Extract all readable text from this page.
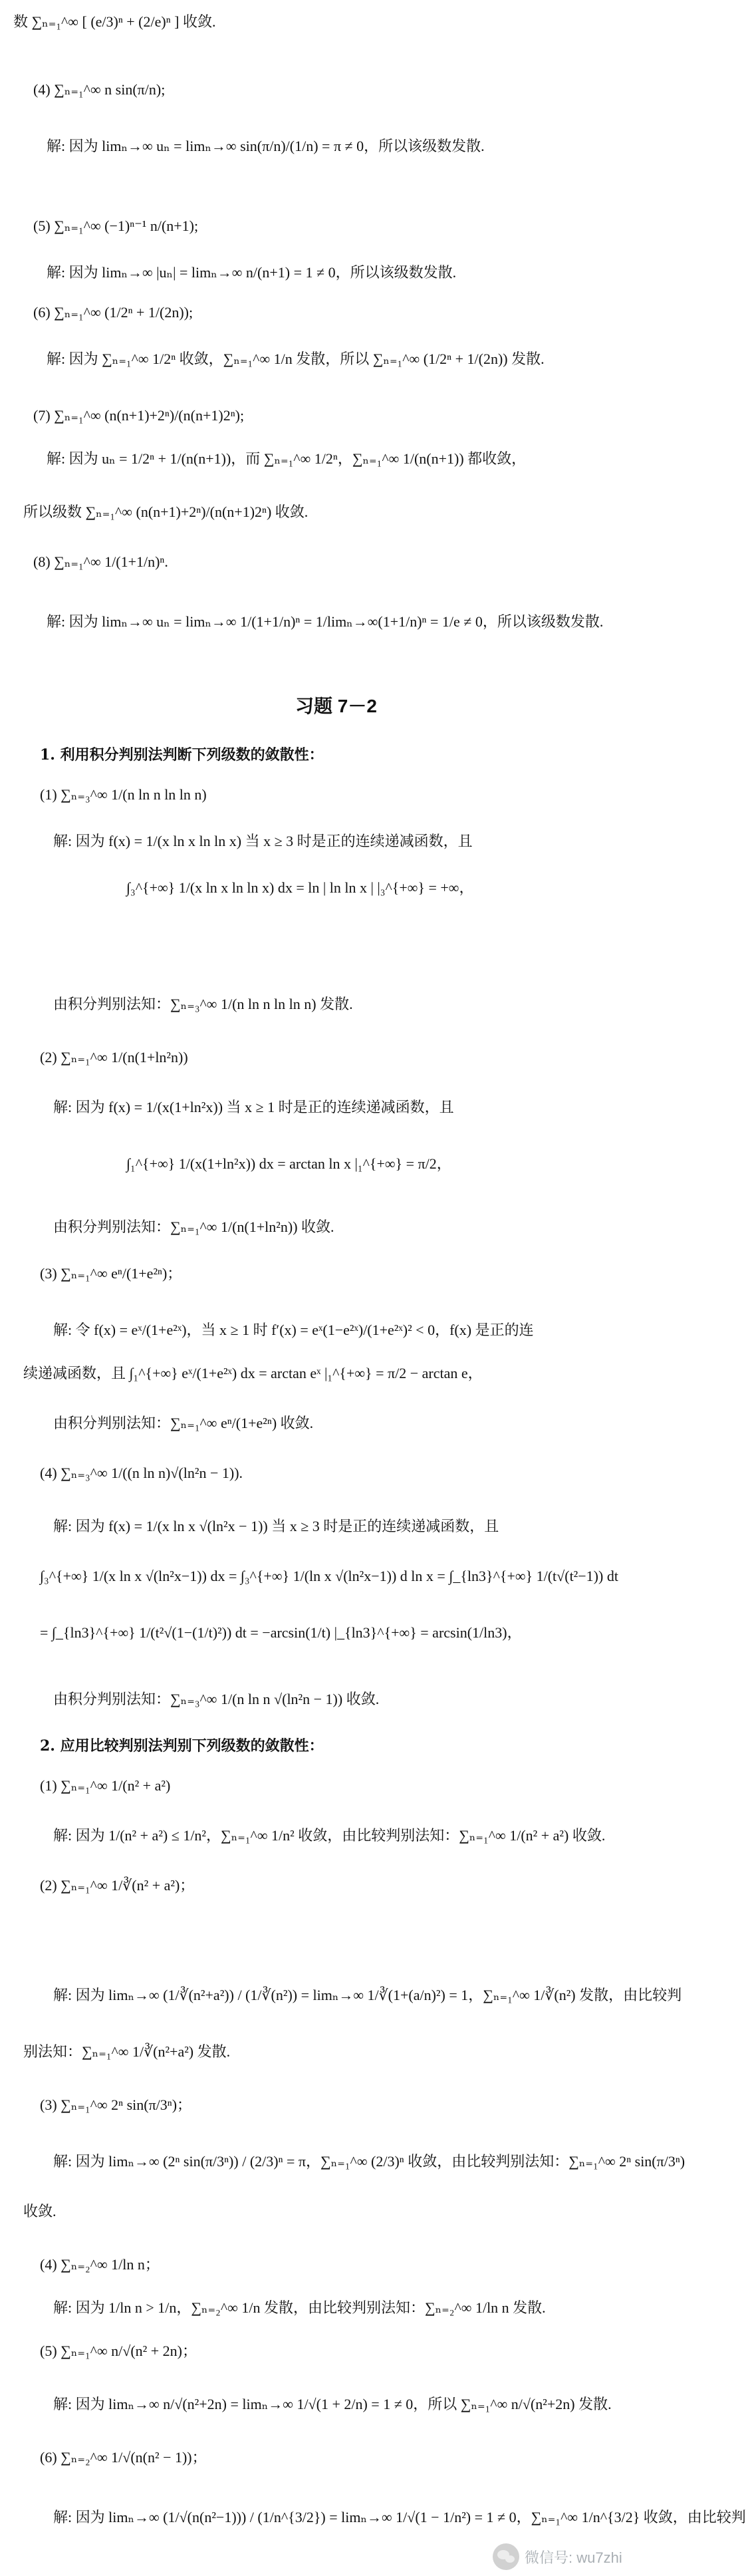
数 ∑ₙ₌₁^∞ [ (e/3)ⁿ + (2/e)ⁿ ] 收敛.
(4) ∑ₙ₌₁^∞ n sin(π/n);
解: 因为 limₙ→∞ uₙ = limₙ→∞ sin(π/n)/(1/n) = π ≠ 0，所以该级数发散.
(5) ∑ₙ₌₁^∞ (−1)ⁿ⁻¹ n/(n+1);
解: 因为 limₙ→∞ |uₙ| = limₙ→∞ n/(n+1) = 1 ≠ 0，所以该级数发散.
(6) ∑ₙ₌₁^∞ (1/2ⁿ + 1/(2n));
解: 因为 ∑ₙ₌₁^∞ 1/2ⁿ 收敛，∑ₙ₌₁^∞ 1/n 发散，所以 ∑ₙ₌₁^∞ (1/2ⁿ + 1/(2n)) 发散.
(7) ∑ₙ₌₁^∞ (n(n+1)+2ⁿ)/(n(n+1)2ⁿ);
解: 因为 uₙ = 1/2ⁿ + 1/(n(n+1))，而 ∑ₙ₌₁^∞ 1/2ⁿ，∑ₙ₌₁^∞ 1/(n(n+1)) 都收敛，
所以级数 ∑ₙ₌₁^∞ (n(n+1)+2ⁿ)/(n(n+1)2ⁿ) 收敛.
(8) ∑ₙ₌₁^∞ 1/(1+1/n)ⁿ.
解: 因为 limₙ→∞ uₙ = limₙ→∞ 1/(1+1/n)ⁿ = 1/limₙ→∞(1+1/n)ⁿ = 1/e ≠ 0，所以该级数发散.
习题 7－2
1. 利用积分判别法判断下列级数的敛散性：
(1) ∑ₙ₌₃^∞ 1/(n ln n ln ln n)
解: 因为 f(x) = 1/(x ln x ln ln x) 当 x ≥ 3 时是正的连续递减函数，且
∫₃^{+∞} 1/(x ln x ln ln x) dx = ln | ln ln x | |₃^{+∞} = +∞，
由积分判别法知：∑ₙ₌₃^∞ 1/(n ln n ln ln n) 发散.
(2) ∑ₙ₌₁^∞ 1/(n(1+ln²n))
解: 因为 f(x) = 1/(x(1+ln²x)) 当 x ≥ 1 时是正的连续递减函数，且
∫₁^{+∞} 1/(x(1+ln²x)) dx = arctan ln x |₁^{+∞} = π/2，
由积分判别法知：∑ₙ₌₁^∞ 1/(n(1+ln²n)) 收敛.
(3) ∑ₙ₌₁^∞ eⁿ/(1+e²ⁿ)；
解: 令 f(x) = eˣ/(1+e²ˣ)，当 x ≥ 1 时 f′(x) = eˣ(1−e²ˣ)/(1+e²ˣ)² < 0，f(x) 是正的连
续递减函数，且 ∫₁^{+∞} eˣ/(1+e²ˣ) dx = arctan eˣ |₁^{+∞} = π/2 − arctan e，
由积分判别法知：∑ₙ₌₁^∞ eⁿ/(1+e²ⁿ) 收敛.
(4) ∑ₙ₌₃^∞ 1/((n ln n)√(ln²n − 1)).
解: 因为 f(x) = 1/(x ln x √(ln²x − 1)) 当 x ≥ 3 时是正的连续递减函数，且
∫₃^{+∞} 1/(x ln x √(ln²x−1)) dx = ∫₃^{+∞} 1/(ln x √(ln²x−1)) d ln x = ∫_{ln3}^{+∞} 1/(t√(t²−1)) dt
= ∫_{ln3}^{+∞} 1/(t²√(1−(1/t)²)) dt = −arcsin(1/t) |_{ln3}^{+∞} = arcsin(1/ln3)，
由积分判别法知：∑ₙ₌₃^∞ 1/(n ln n √(ln²n − 1)) 收敛.
2. 应用比较判别法判别下列级数的敛散性：
(1) ∑ₙ₌₁^∞ 1/(n² + a²)
解: 因为 1/(n² + a²) ≤ 1/n²，∑ₙ₌₁^∞ 1/n² 收敛，由比较判别法知：∑ₙ₌₁^∞ 1/(n² + a²) 收敛.
(2) ∑ₙ₌₁^∞ 1/∛(n² + a²)；
解: 因为 limₙ→∞ (1/∛(n²+a²)) / (1/∛(n²)) = limₙ→∞ 1/∛(1+(a/n)²) = 1，∑ₙ₌₁^∞ 1/∛(n²) 发散，由比较判
别法知：∑ₙ₌₁^∞ 1/∛(n²+a²) 发散.
(3) ∑ₙ₌₁^∞ 2ⁿ sin(π/3ⁿ)；
解: 因为 limₙ→∞ (2ⁿ sin(π/3ⁿ)) / (2/3)ⁿ = π，∑ₙ₌₁^∞ (2/3)ⁿ 收敛，由比较判别法知：∑ₙ₌₁^∞ 2ⁿ sin(π/3ⁿ)
收敛.
(4) ∑ₙ₌₂^∞ 1/ln n；
解: 因为 1/ln n > 1/n，∑ₙ₌₂^∞ 1/n 发散，由比较判别法知：∑ₙ₌₂^∞ 1/ln n 发散.
(5) ∑ₙ₌₁^∞ n/√(n² + 2n)；
解: 因为 limₙ→∞ n/√(n²+2n) = limₙ→∞ 1/√(1 + 2/n) = 1 ≠ 0，所以 ∑ₙ₌₁^∞ n/√(n²+2n) 发散.
(6) ∑ₙ₌₂^∞ 1/√(n(n² − 1))；
解: 因为 limₙ→∞ (1/√(n(n²−1))) / (1/n^{3/2}) = limₙ→∞ 1/√(1 − 1/n²) = 1 ≠ 0，∑ₙ₌₁^∞ 1/n^{3/2} 收敛，由比较判
微信号: wu7zhi
